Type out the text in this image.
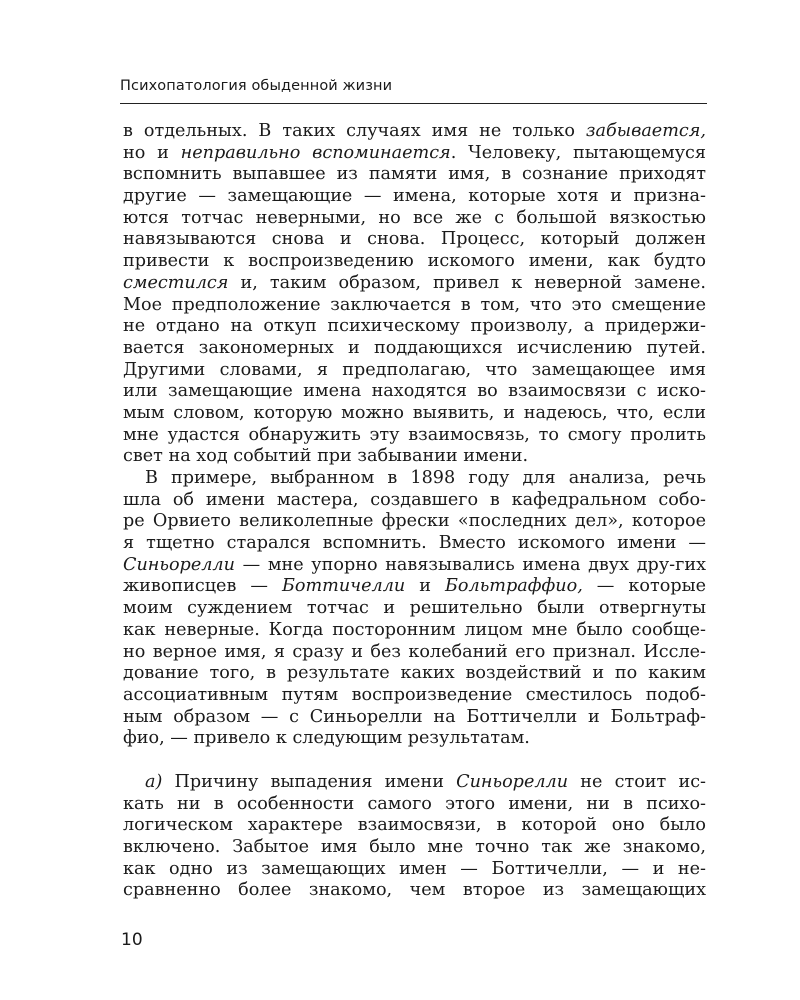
Психопатология обыденной жизни
в отдельных. В таких случаях имя не только забывается,
но и неправильно вспоминается. Человеку, пытающемуся
вспомнить выпавшее из памяти имя, в сознание приходят
другие — замещающие — имена, которые хотя и призна-
ются тотчас неверными, но все же с большой вязкостью
навязываются снова и снова. Процесс, который должен
привести к воспроизведению искомого имени, как будто
сместился и, таким образом, привел к неверной замене.
Мое предположение заключается в том, что это смещение
не отдано на откуп психическому произволу, а придержи-
вается закономерных и поддающихся исчислению путей.
Другими словами, я предполагаю, что замещающее имя
или замещающие имена находятся во взаимосвязи с иско-
мым словом, которую можно выявить, и надеюсь, что, если
мне удастся обнаружить эту взаимосвязь, то смогу пролить
свет на ход событий при забывании имени.
В примере, выбранном в 1898 году для анализа, речь
шла об имени мастера, создавшего в кафедральном собо-
ре Орвието великолепные фрески «последних дел», которое
я тщетно старался вспомнить. Вместо искомого имени —
Синьорелли — мне упорно навязывались имена двух дру-гих
живописцев — Боттичелли и Больтраффио, — которые
моим суждением тотчас и решительно были отвергнуты
как неверные. Когда посторонним лицом мне было сообще-
но верное имя, я сразу и без колебаний его признал. Иссле-
дование того, в результате каких воздействий и по каким
ассоциативным путям воспроизведение сместилось подоб-
ным образом — с Синьорелли на Боттичелли и Больтраф-
фио, — привело к следующим результатам.
а) Причину выпадения имени Синьорелли не стоит ис-
кать ни в особенности самого этого имени, ни в психо-
логическом характере взаимосвязи, в которой оно было
включено. Забытое имя было мне точно так же знакомо,
как одно из замещающих имен — Боттичелли, — и не-
сравненно более знакомо, чем второе из замещающих
10
